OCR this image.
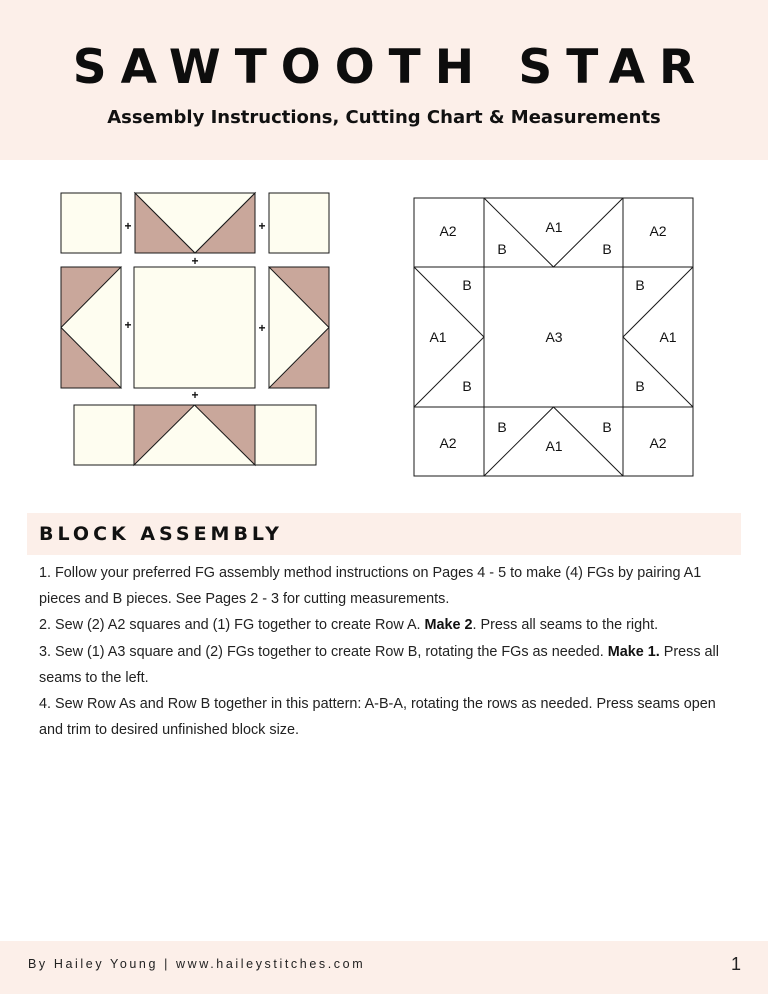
SAWTOOTH STAR
Assembly Instructions, Cutting Chart & Measurements
+	+
+
+	+
+
A2	A2
A2	A2
A1
A1
A1	A1
A3
B	B
B	B
B	B
B	B
BLOCK ASSEMBLY

1. Follow your preferred FG assembly method instructions on Pages 4 - 5 to make (4) FGs by pairing A1 pieces and B pieces. See Pages 2 - 3 for cutting measurements.

2. Sew (2) A2 squares and (1) FG together to create Row A. Make 2. Press all seams to the right.

3. Sew (1) A3 square and (2) FGs together to create Row B, rotating the FGs as needed. Make 1. Press all seams to the left.

4. Sew Row As and Row B together in this pattern: A-B-A, rotating the rows as needed. Press seams open and trim to desired unfinished block size.

By Hailey Young | www.haileystitches.com	1
